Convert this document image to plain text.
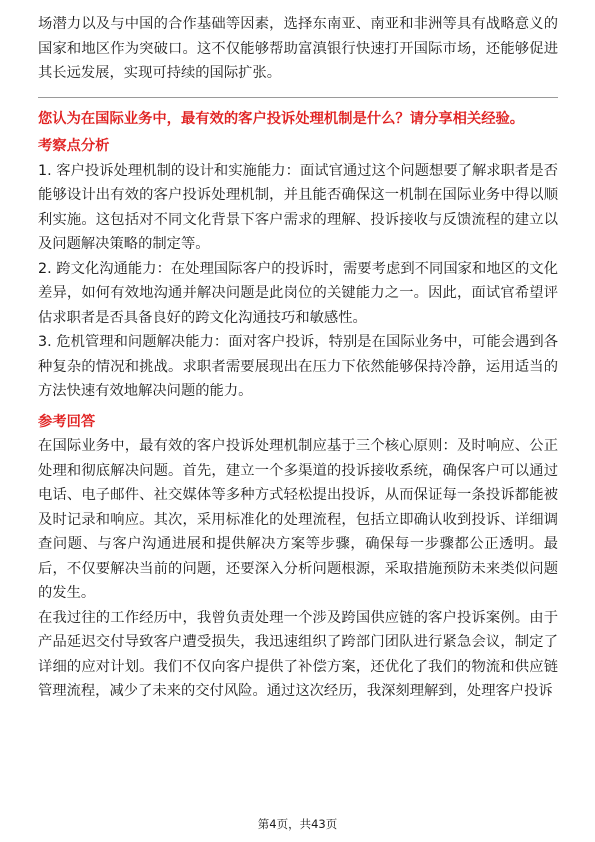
场潜力以及与中国的合作基础等因素，选择东南亚、南亚和非洲等具有战略意义的国家和地区作为突破口。这不仅能够帮助富滇银行快速打开国际市场，还能够促进其长远发展，实现可持续的国际扩张。

您认为在国际业务中，最有效的客户投诉处理机制是什么？请分享相关经验。

考察点分析

1. 客户投诉处理机制的设计和实施能力：面试官通过这个问题想要了解求职者是否能够设计出有效的客户投诉处理机制，并且能否确保这一机制在国际业务中得以顺利实施。这包括对不同文化背景下客户需求的理解、投诉接收与反馈流程的建立以及问题解决策略的制定等。

2. 跨文化沟通能力：在处理国际客户的投诉时，需要考虑到不同国家和地区的文化差异，如何有效地沟通并解决问题是此岗位的关键能力之一。因此，面试官希望评估求职者是否具备良好的跨文化沟通技巧和敏感性。

3. 危机管理和问题解决能力：面对客户投诉，特别是在国际业务中，可能会遇到各种复杂的情况和挑战。求职者需要展现出在压力下依然能够保持冷静，运用适当的方法快速有效地解决问题的能力。

参考回答

在国际业务中，最有效的客户投诉处理机制应基于三个核心原则：及时响应、公正处理和彻底解决问题。首先，建立一个多渠道的投诉接收系统，确保客户可以通过电话、电子邮件、社交媒体等多种方式轻松提出投诉，从而保证每一条投诉都能被及时记录和响应。其次，采用标准化的处理流程，包括立即确认收到投诉、详细调查问题、与客户沟通进展和提供解决方案等步骤，确保每一步骤都公正透明。最后，不仅要解决当前的问题，还要深入分析问题根源，采取措施预防未来类似问题的发生。

在我过往的工作经历中，我曾负责处理一个涉及跨国供应链的客户投诉案例。由于产品延迟交付导致客户遭受损失，我迅速组织了跨部门团队进行紧急会议，制定了详细的应对计划。我们不仅向客户提供了补偿方案，还优化了我们的物流和供应链管理流程，减少了未来的交付风险。通过这次经历，我深刻理解到，处理客户投诉

第4页，共43页
